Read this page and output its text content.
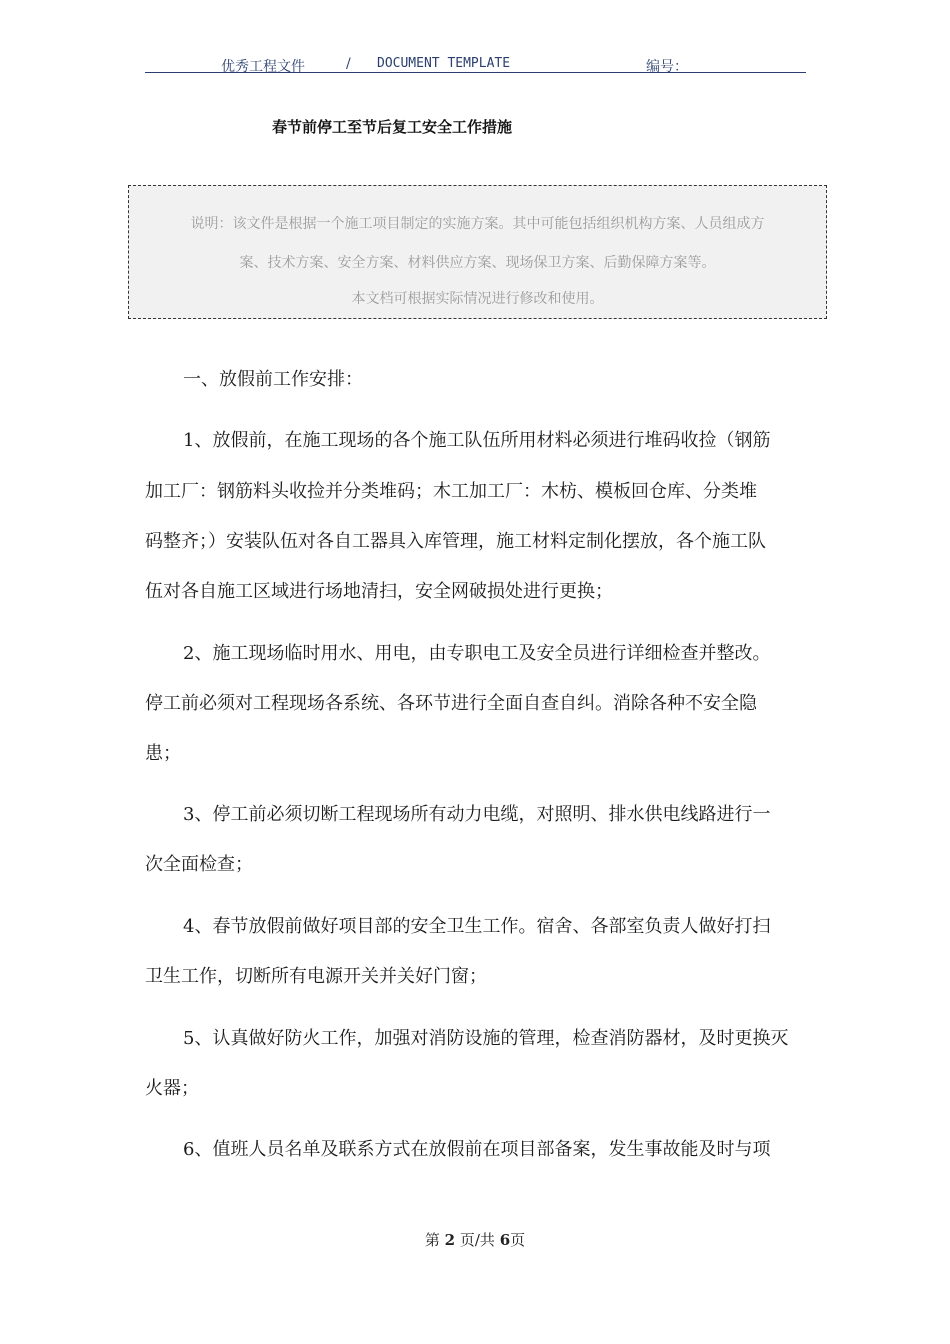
优秀工程文件	/ DOCUMENT TEMPLATE	编号：
春节前停工至节后复工安全工作措施
说明：该文件是根据一个施工项目制定的实施方案。其中可能包括组织机构方案、人员组成方
案、技术方案、安全方案、材料供应方案、现场保卫方案、后勤保障方案等。
本文档可根据实际情况进行修改和使用。
一、放假前工作安排：
1、放假前，在施工现场的各个施工队伍所用材料必须进行堆码收捡（钢筋
加工厂：钢筋料头收捡并分类堆码；木工加工厂：木枋、模板回仓库、分类堆
码整齐；）安装队伍对各自工器具入库管理，施工材料定制化摆放，各个施工队
伍对各自施工区域进行场地清扫，安全网破损处进行更换；
2、施工现场临时用水、用电，由专职电工及安全员进行详细检查并整改。
停工前必须对工程现场各系统、各环节进行全面自查自纠。消除各种不安全隐
患；
3、停工前必须切断工程现场所有动力电缆，对照明、排水供电线路进行一
次全面检查；
4、春节放假前做好项目部的安全卫生工作。宿舍、各部室负责人做好打扫
卫生工作，切断所有电源开关并关好门窗；
5、认真做好防火工作，加强对消防设施的管理，检查消防器材，及时更换灭
火器；
6、值班人员名单及联系方式在放假前在项目部备案，发生事故能及时与项
第 2 页/共 6页
